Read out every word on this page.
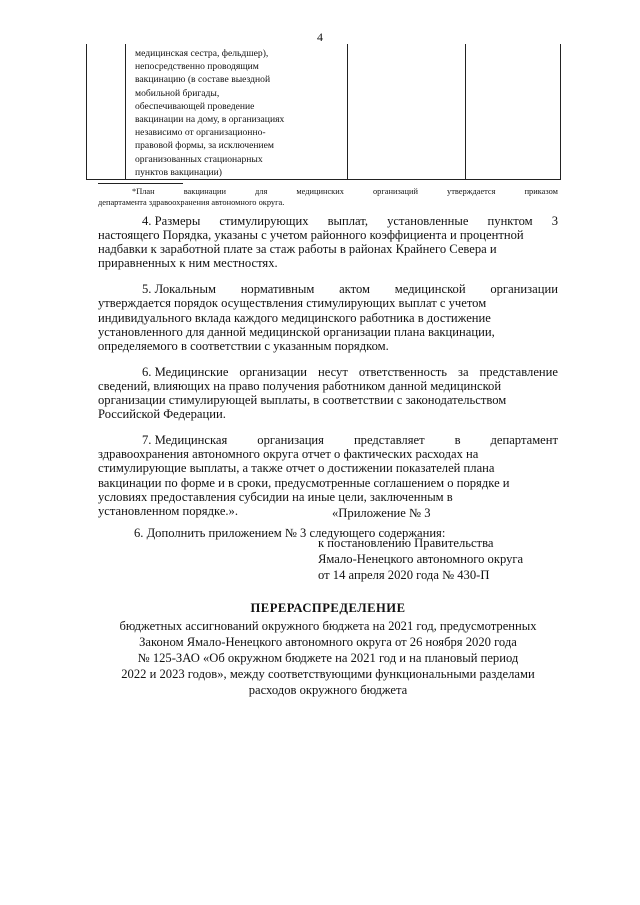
4
медицинская сестра, фельдшер),
непосредственно проводящим
вакцинацию (в составе выездной
мобильной бригады,
обеспечивающей проведение
вакцинации на дому, в организациях
независимо от организационно-
правовой формы, за исключением
организованных стационарных
пунктов вакцинации)
*План	вакцинации	для	медицинских	организаций	утверждается	приказом
департамента здравоохранения автономного округа.
4. Размеры стимулирующих выплат, установленные пунктом 3
настоящего Порядка, указаны с учетом районного коэффициента и процентной
надбавки к заработной плате за стаж работы в районах Крайнего Севера и
приравненных к ним местностях.
5. Локальным нормативным актом медицинской организации
утверждается порядок осуществления стимулирующих выплат с учетом
индивидуального вклада каждого медицинского работника в достижение
установленного для данной медицинской организации плана вакцинации,
определяемого в соответствии с указанным порядком.
6. Медицинские организации несут ответственность за представление
сведений, влияющих на право получения работником данной медицинской
организации стимулирующей выплаты, в соответствии с законодательством
Российской Федерации.
7. Медицинская организация представляет в департамент
здравоохранения автономного округа отчет о фактических расходах на
стимулирующие выплаты, а также отчет о достижении показателей плана
вакцинации по форме и в сроки, предусмотренные соглашением о порядке и
условиях предоставления субсидии на иные цели, заключенным в
установленном порядке.».
6. Дополнить приложением № 3 следующего содержания:
«Приложение № 3
к постановлению Правительства
Ямало-Ненецкого автономного округа
от 14 апреля 2020 года № 430-П
ПЕРЕРАСПРЕДЕЛЕНИЕ
бюджетных ассигнований окружного бюджета на 2021 год, предусмотренных
Законом Ямало-Ненецкого автономного округа от 26 ноября 2020 года
№ 125-ЗАО «Об окружном бюджете на 2021 год и на плановый период
2022 и 2023 годов», между соответствующими функциональными разделами
расходов окружного бюджета
